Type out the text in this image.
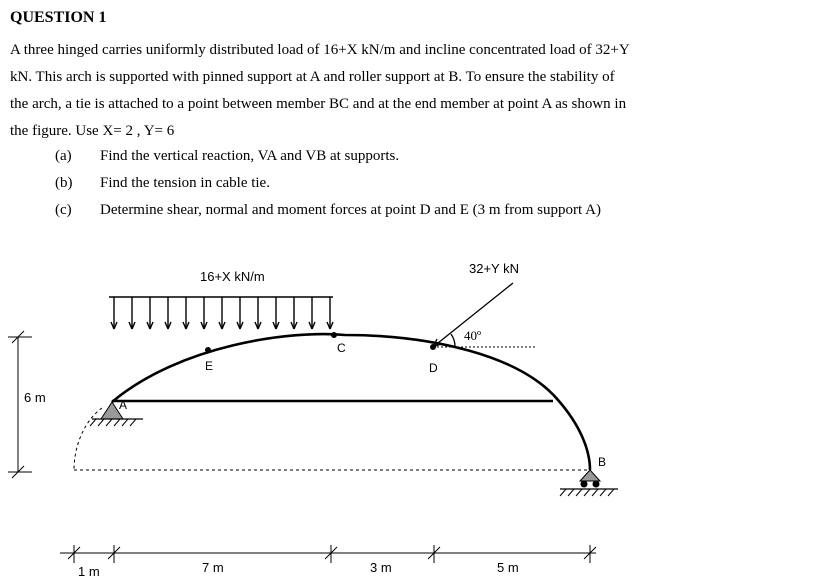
QUESTION 1
A three hinged carries uniformly distributed load of 16+X kN/m and incline concentrated load of 32+Y kN. This arch is supported with pinned support at A and roller support at B. To ensure the stability of the arch, a tie is attached to a point between member BC and at the end member at point A as shown in the figure. Use X= 2 , Y= 6
(a) Find the vertical reaction, VA and VB at supports.
(b) Find the tension in cable tie.
(c) Determine shear, normal and moment forces at point D and E (3 m from support A)
16+X kN/m
C
E	D
32+Y kN
40º
A
B
6 m
1 m	7 m	3 m	5 m
